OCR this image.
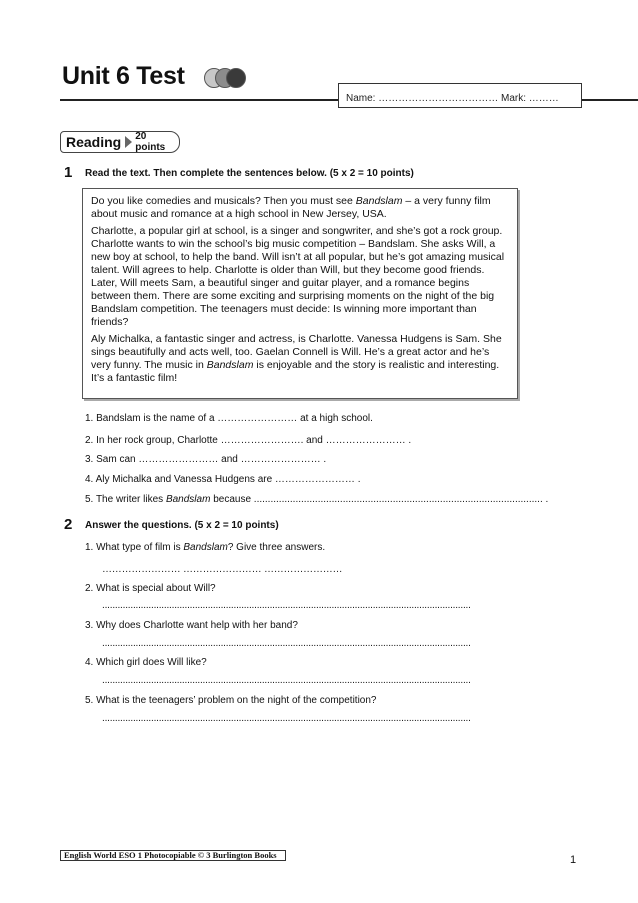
Unit 6 Test
Name: ……………………………… Mark: ………
Reading 20 points
1 Read the text. Then complete the sentences below. (5 x 2 = 10 points)

Do you like comedies and musicals? Then you must see Bandslam – a very funny film about music and romance at a high school in New Jersey, USA.

Charlotte, a popular girl at school, is a singer and songwriter, and she’s got a rock group. Charlotte wants to win the school’s big music competition – Bandslam. She asks Will, a new boy at school, to help the band. Will isn’t at all popular, but he’s got amazing musical talent. Will agrees to help. Charlotte is older than Will, but they become good friends. Later, Will meets Sam, a beautiful singer and guitar player, and a romance begins between them. There are some exciting and surprising moments on the night of the big Bandslam competition. The teenagers must decide: Is winning more important than friends?

Aly Michalka, a fantastic singer and actress, is Charlotte. Vanessa Hudgens is Sam. She sings beautifully and acts well, too. Gaelan Connell is Will. He’s a great actor and he’s very funny. The music in Bandslam is enjoyable and the story is realistic and interesting. It’s a fantastic film!

1. Bandslam is the name of a …………………… at a high school.
2. In her rock group, Charlotte ……………………. and …………………… .
3. Sam can …………………… and …………………… .
4. Aly Michalka and Vanessa Hudgens are …………………… .
5. The writer likes Bandslam because ........................................................................................................ .
2 Answer the questions. (5 x 2 = 10 points)
1. What type of film is Bandslam? Give three answers.
…………………… …………………… ……………………
2. What is special about Will?
...............................................................................................................................................
3. Why does Charlotte want help with her band?
...............................................................................................................................................
4. Which girl does Will like?
...............................................................................................................................................
5. What is the teenagers’ problem on the night of the competition?
...............................................................................................................................................
English World ESO 1 Photocopiable © 3 Burlington Books	1
